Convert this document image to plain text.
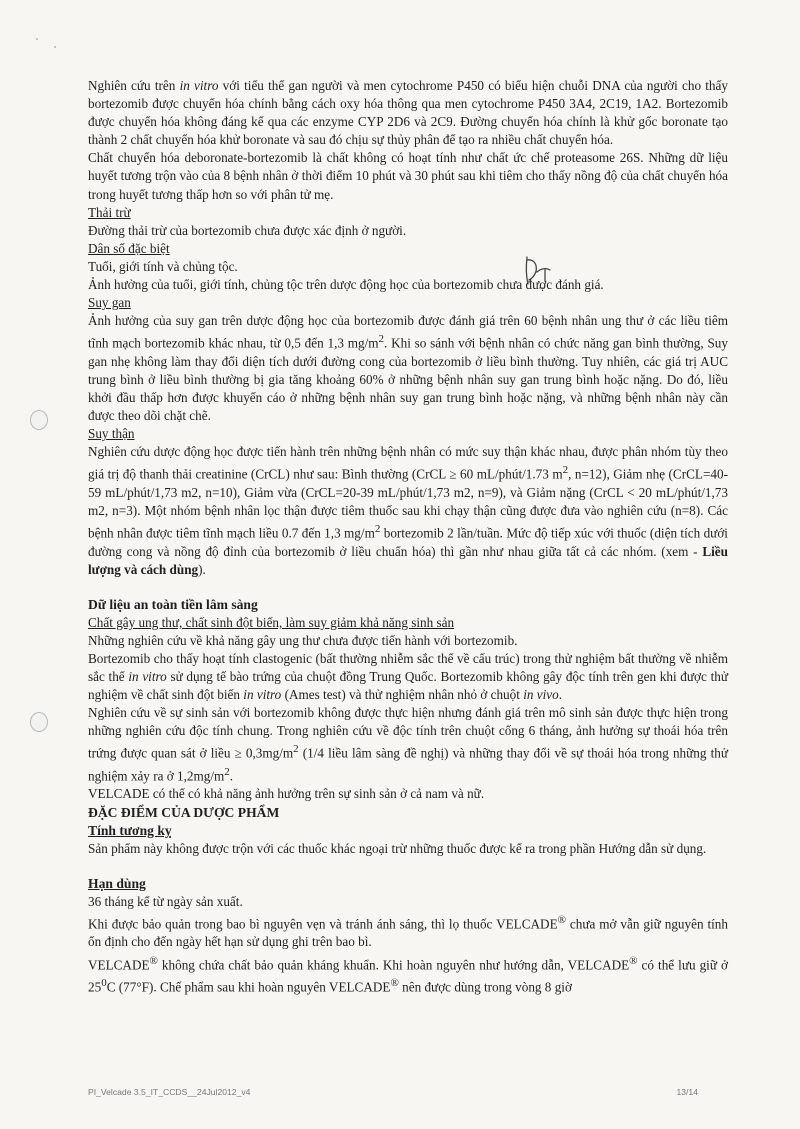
Nghiên cứu trên in vitro với tiểu thể gan người và men cytochrome P450 có biểu hiện chuỗi DNA của người cho thấy bortezomib được chuyển hóa chính bằng cách oxy hóa thông qua men cytochrome P450 3A4, 2C19, 1A2. Bortezomib được chuyển hóa không đáng kể qua các enzyme CYP 2D6 và 2C9. Đường chuyển hóa chính là khử gốc boronate tạo thành 2 chất chuyển hóa khử boronate và sau đó chịu sự thủy phân để tạo ra nhiều chất chuyển hóa.

Chất chuyển hóa deboronate-bortezomib là chất không có hoạt tính như chất ức chế proteasome 26S. Những dữ liệu huyết tương trộn vào của 8 bệnh nhân ở thời điểm 10 phút và 30 phút sau khi tiêm cho thấy nồng độ của chất chuyển hóa trong huyết tương thấp hơn so với phân tử mẹ.

Thải trừ

Đường thải trừ của bortezomib chưa được xác định ở người.

Dân số đặc biệt

Tuổi, giới tính và chủng tộc.

Ảnh hưởng của tuổi, giới tính, chủng tộc trên dược động học của bortezomib chưa được đánh giá.

Suy gan

Ảnh hưởng của suy gan trên dược động học của bortezomib được đánh giá trên 60 bệnh nhân ung thư ở các liều tiêm tĩnh mạch bortezomib khác nhau, từ 0,5 đến 1,3 $mg/m^2$. Khi so sánh với bệnh nhân có chức năng gan bình thường, Suy gan nhẹ không làm thay đổi diện tích dưới đường cong của bortezomib ở liều bình thường. Tuy nhiên, các giá trị AUC trung bình ở liều bình thường bị gia tăng khoảng 60% ở những bệnh nhân suy gan trung bình hoặc nặng. Do đó, liều khởi đầu thấp hơn được khuyến cáo ở những bệnh nhân suy gan trung bình hoặc nặng, và những bệnh nhân này cần được theo dõi chặt chẽ.

Suy thận

Nghiên cứu dược động học được tiến hành trên những bệnh nhân có mức suy thận khác nhau, được phân nhóm tùy theo giá trị độ thanh thải creatinine (CrCL) như sau: Bình thường (CrCL ≥ 60 mL/phút/1.73 $m^2$, n=12), Giảm nhẹ (CrCL=40-59 mL/phút/1,73 m2, n=10), Giảm vừa (CrCL=20-39 mL/phút/1,73 m2, n=9), và Giảm nặng (CrCL < 20 mL/phút/1,73 m2, n=3). Một nhóm bệnh nhân lọc thận được tiêm thuốc sau khi chạy thận cũng được đưa vào nghiên cứu (n=8). Các bệnh nhân được tiêm tĩnh mạch liều 0.7 đến 1,3 $mg/m^2$ bortezomib 2 lần/tuần. Mức độ tiếp xúc với thuốc (diện tích dưới đường cong và nồng độ đỉnh của bortezomib ở liều chuẩn hóa) thì gần như nhau giữa tất cả các nhóm. (xem - Liều lượng và cách dùng).

Dữ liệu an toàn tiền lâm sàng

Chất gây ung thư, chất sinh đột biến, làm suy giảm khả năng sinh sản

Những nghiên cứu về khả năng gây ung thư chưa được tiến hành với bortezomib.

Bortezomib cho thấy hoạt tính clastogenic (bất thường nhiễm sắc thể về cấu trúc) trong thử nghiệm bất thường về nhiễm sắc thể in vitro sử dụng tế bào trứng của chuột đồng Trung Quốc. Bortezomib không gây độc tính trên gen khi được thử nghiệm về chất sinh đột biến in vitro (Ames test) và thử nghiệm nhân nhỏ ở chuột in vivo.

Nghiên cứu về sự sinh sản với bortezomib không được thực hiện nhưng đánh giá trên mô sinh sản được thực hiện trong những nghiên cứu độc tính chung. Trong nghiên cứu về độc tính trên chuột cống 6 tháng, ảnh hưởng sự thoái hóa trên trứng được quan sát ở liều ≥ $0,3mg/m^2$ (1/4 liều lâm sàng đề nghị) và những thay đổi về sự thoái hóa trong những thử nghiệm xảy ra ở $1,2mg/m^2$.

VELCADE có thể có khả năng ảnh hưởng trên sự sinh sản ở cả nam và nữ.

ĐẶC ĐIỂM CỦA DƯỢC PHẨM

Tính tương kỵ

Sản phẩm này không được trộn với các thuốc khác ngoại trừ những thuốc được kể ra trong phần Hướng dẫn sử dụng.

Hạn dùng

36 tháng kể từ ngày sản xuất.

Khi được bảo quản trong bao bì nguyên vẹn và tránh ánh sáng, thì lọ thuốc VELCADE® chưa mở vẫn giữ nguyên tính ổn định cho đến ngày hết hạn sử dụng ghi trên bao bì.

VELCADE® không chứa chất bảo quản kháng khuẩn. Khi hoàn nguyên như hướng dẫn, VELCADE® có thể lưu giữ ở $25^0C$ (77°F). Chế phẩm sau khi hoàn nguyên VELCADE® nên được dùng trong vòng 8 giờ

PI_Velcade 3.5_IT_CCDS__24Jul2012_v4	13/14
